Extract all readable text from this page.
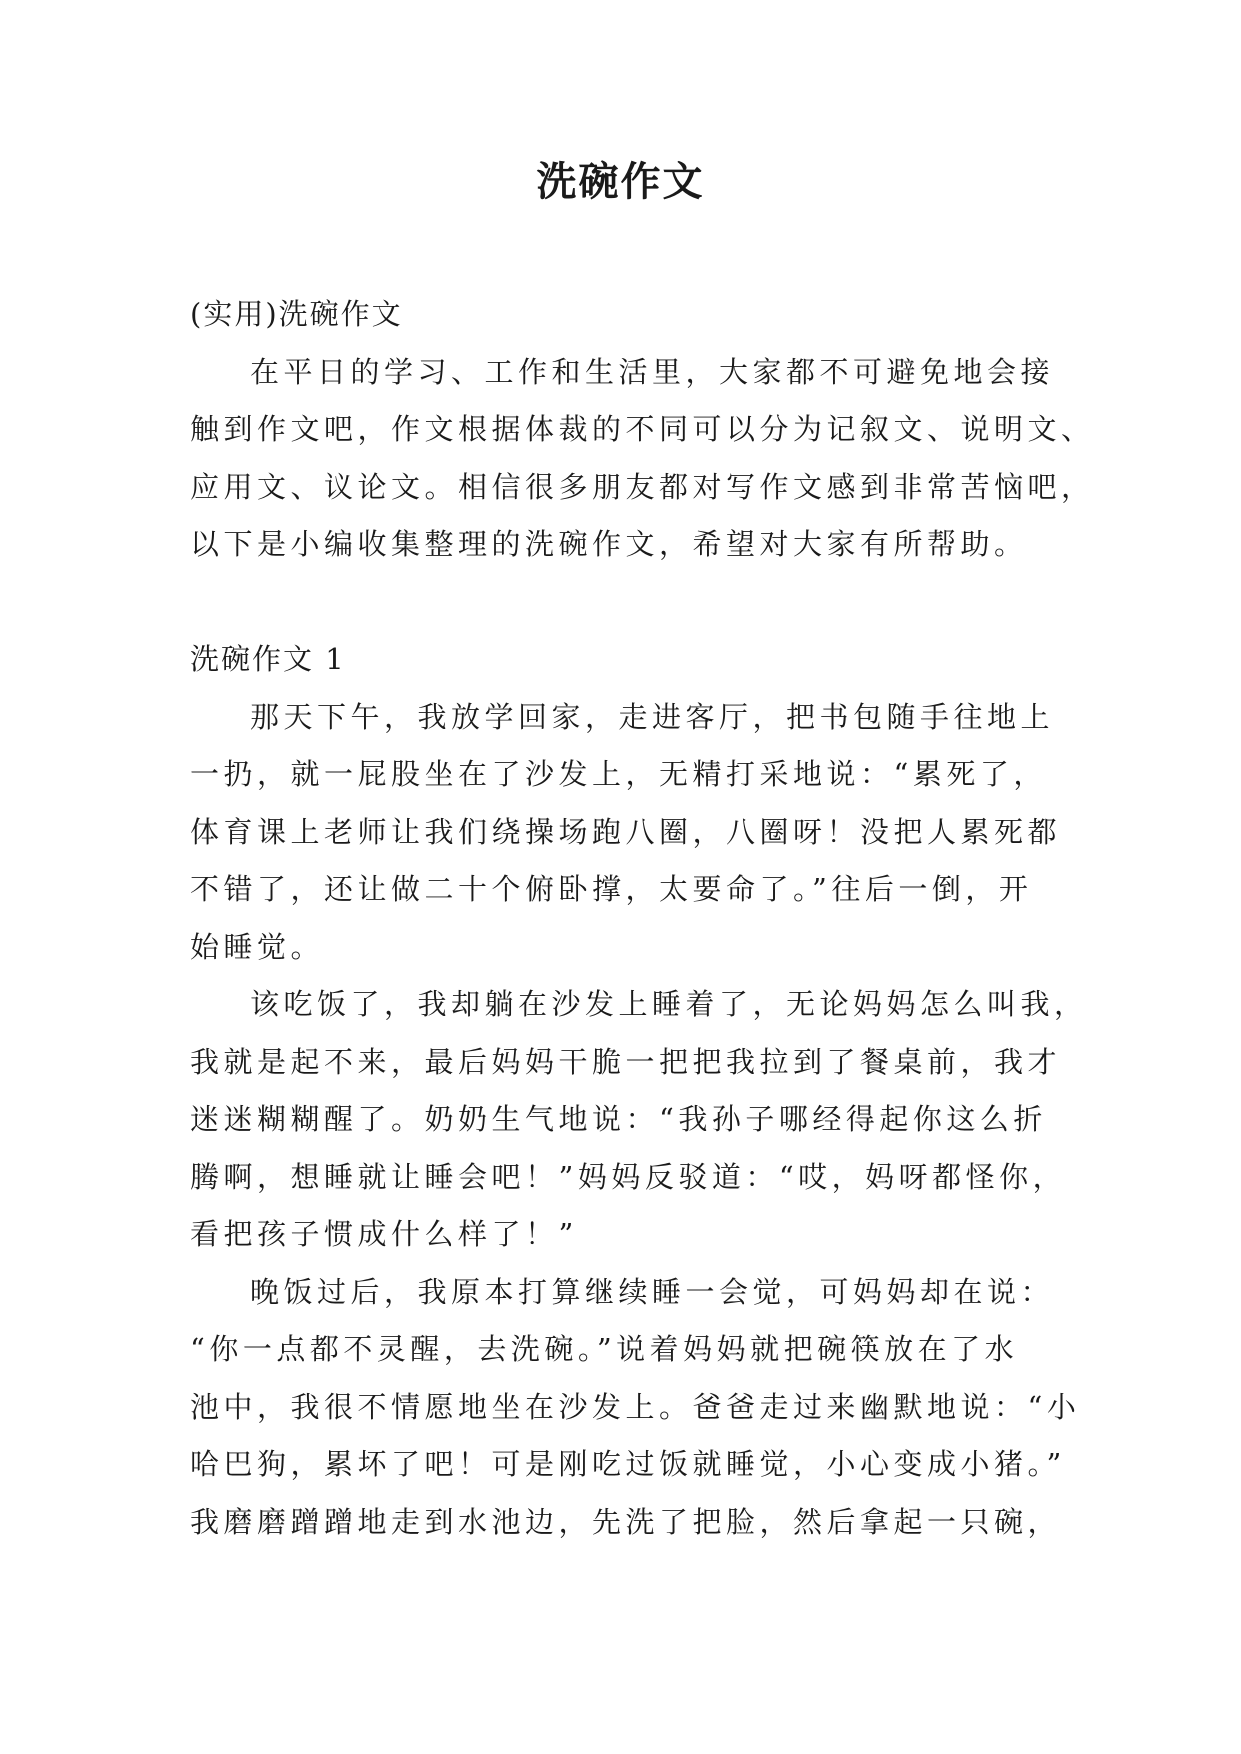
洗碗作文
(实用)洗碗作文
在平日的学习、工作和生活里，大家都不可避免地会接
触到作文吧，作文根据体裁的不同可以分为记叙文、说明文、
应用文、议论文。相信很多朋友都对写作文感到非常苦恼吧，
以下是小编收集整理的洗碗作文，希望对大家有所帮助。
洗碗作文 1
那天下午，我放学回家，走进客厅，把书包随手往地上
一扔，就一屁股坐在了沙发上，无精打采地说：“累死了，
体育课上老师让我们绕操场跑八圈，八圈呀！没把人累死都
不错了，还让做二十个俯卧撑，太要命了。”往后一倒，开
始睡觉。
该吃饭了，我却躺在沙发上睡着了，无论妈妈怎么叫我，
我就是起不来，最后妈妈干脆一把把我拉到了餐桌前，我才
迷迷糊糊醒了。奶奶生气地说：“我孙子哪经得起你这么折
腾啊，想睡就让睡会吧！”妈妈反驳道：“哎，妈呀都怪你，
看把孩子惯成什么样了！”
晚饭过后，我原本打算继续睡一会觉，可妈妈却在说：
“你一点都不灵醒，去洗碗。”说着妈妈就把碗筷放在了水
池中，我很不情愿地坐在沙发上。爸爸走过来幽默地说：“小
哈巴狗，累坏了吧！可是刚吃过饭就睡觉，小心变成小猪。”
我磨磨蹭蹭地走到水池边，先洗了把脸，然后拿起一只碗，
